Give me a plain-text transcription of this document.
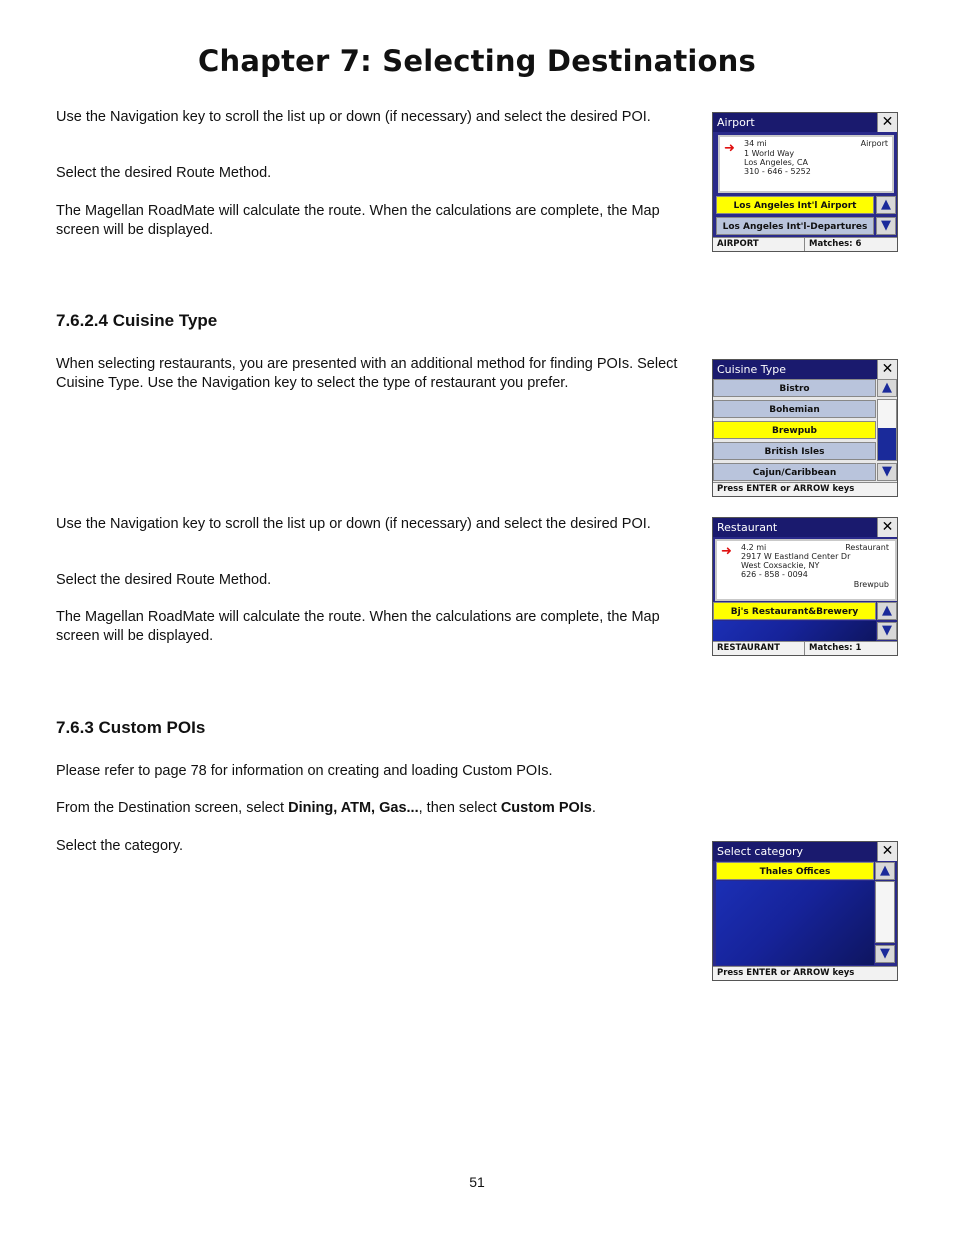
Chapter 7: Selecting Destinations
Use the Navigation key to scroll the list up or down (if necessary) and select the desired POI.
Select the desired Route Method.
The Magellan RoadMate will calculate the route. When the calculations are complete, the Map screen will be displayed.
Airport	✕
➜ 34 mi	Airport
1 World Way
Los Angeles, CA
310 - 646 - 5252
Los Angeles Int'l Airport
Los Angeles Int'l-Departures
▲
▼
AIRPORT	Matches: 6
7.6.2.4 Cuisine Type
When selecting restaurants, you are presented with an additional method for finding POIs. Select Cuisine Type. Use the Navigation key to select the type of restaurant you prefer.
Cuisine Type	✕
Bistro
Bohemian
Brewpub
British Isles
Cajun/Caribbean
▲
▼
Press ENTER or ARROW keys
Use the Navigation key to scroll the list up or down (if necessary) and select the desired POI.
Select the desired Route Method.
The Magellan RoadMate will calculate the route. When the calculations are complete, the Map screen will be displayed.
Restaurant	✕
➜ 4.2 mi	Restaurant
2917 W Eastland Center Dr
West Coxsackie, NY
626 - 858 - 0094
Brewpub
Bj's Restaurant&Brewery	▲
▼
RESTAURANT	Matches: 1
7.6.3 Custom POIs
Please refer to page 78 for information on creating and loading Custom POIs.
From the Destination screen, select Dining, ATM, Gas..., then select Custom POIs.
Select the category.	Select category	✕
Thales Offices	▲
▼
Press ENTER or ARROW keys
51
